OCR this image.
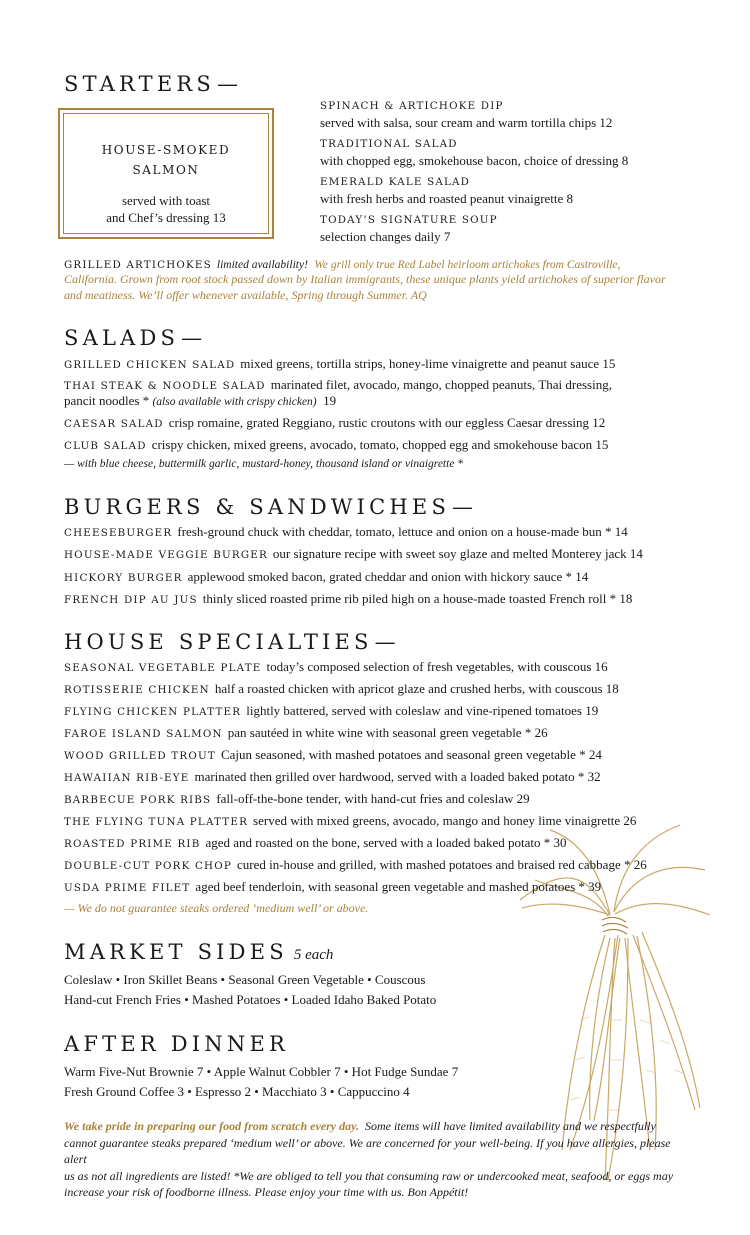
STARTERS—
HOUSE-SMOKED
SALMON
served with toast
and Chef’s dressing 13
SPINACH & ARTICHOKE DIP
served with salsa, sour cream and warm tortilla chips 12
TRADITIONAL SALAD
with chopped egg, smokehouse bacon, choice of dressing 8
EMERALD KALE SALAD
with fresh herbs and roasted peanut vinaigrette 8
TODAY’S SIGNATURE SOUP
selection changes daily 7
GRILLED ARTICHOKES limited availability! We grill only true Red Label heirloom artichokes from Castroville,
California. Grown from root stock passed down by Italian immigrants, these unique plants yield artichokes of superior flavor
and meatiness. We’ll offer whenever available, Spring through Summer. AQ
SALADS—
GRILLED CHICKEN SALAD mixed greens, tortilla strips, honey-lime vinaigrette and peanut sauce 15
THAI STEAK & NOODLE SALAD marinated filet, avocado, mango, chopped peanuts, Thai dressing,
pancit noodles * (also available with crispy chicken) 19
CAESAR SALAD crisp romaine, grated Reggiano, rustic croutons with our eggless Caesar dressing 12
CLUB SALAD crispy chicken, mixed greens, avocado, tomato, chopped egg and smokehouse bacon 15
— with blue cheese, buttermilk garlic, mustard-honey, thousand island or vinaigrette *
BURGERS & SANDWICHES—
CHEESEBURGER fresh-ground chuck with cheddar, tomato, lettuce and onion on a house-made bun * 14
HOUSE-MADE VEGGIE BURGER our signature recipe with sweet soy glaze and melted Monterey jack 14
HICKORY BURGER applewood smoked bacon, grated cheddar and onion with hickory sauce * 14
FRENCH DIP AU JUS thinly sliced roasted prime rib piled high on a house-made toasted French roll * 18
HOUSE SPECIALTIES—
SEASONAL VEGETABLE PLATE today’s composed selection of fresh vegetables, with couscous 16
ROTISSERIE CHICKEN half a roasted chicken with apricot glaze and crushed herbs, with couscous 18
FLYING CHICKEN PLATTER lightly battered, served with coleslaw and vine-ripened tomatoes 19
FAROE ISLAND SALMON pan sautéed in white wine with seasonal green vegetable * 26
WOOD GRILLED TROUT Cajun seasoned, with mashed potatoes and seasonal green vegetable * 24
HAWAIIAN RIB-EYE marinated then grilled over hardwood, served with a loaded baked potato * 32
BARBECUE PORK RIBS fall-off-the-bone tender, with hand-cut fries and coleslaw 29
THE FLYING TUNA PLATTER served with mixed greens, avocado, mango and honey lime vinaigrette 26
ROASTED PRIME RIB aged and roasted on the bone, served with a loaded baked potato * 30
DOUBLE-CUT PORK CHOP cured in-house and grilled, with mashed potatoes and braised red cabbage * 26
USDA PRIME FILET aged beef tenderloin, with seasonal green vegetable and mashed potatoes * 39
— We do not guarantee steaks ordered ‘medium well’ or above.
MARKET SIDES 5 each
Coleslaw • Iron Skillet Beans • Seasonal Green Vegetable • Couscous
Hand-cut French Fries • Mashed Potatoes • Loaded Idaho Baked Potato
AFTER DINNER
Warm Five-Nut Brownie 7 • Apple Walnut Cobbler 7 • Hot Fudge Sundae 7
Fresh Ground Coffee 3 • Espresso 2 • Macchiato 3 • Cappuccino 4
We take pride in preparing our food from scratch every day. Some items will have limited availability and we respectfully
cannot guarantee steaks prepared ‘medium well’ or above. We are concerned for your well-being. If you have allergies, please alert
us as not all ingredients are listed! *We are obliged to tell you that consuming raw or undercooked meat, seafood, or eggs may
increase your risk of foodborne illness. Please enjoy your time with us. Bon Appétit!
